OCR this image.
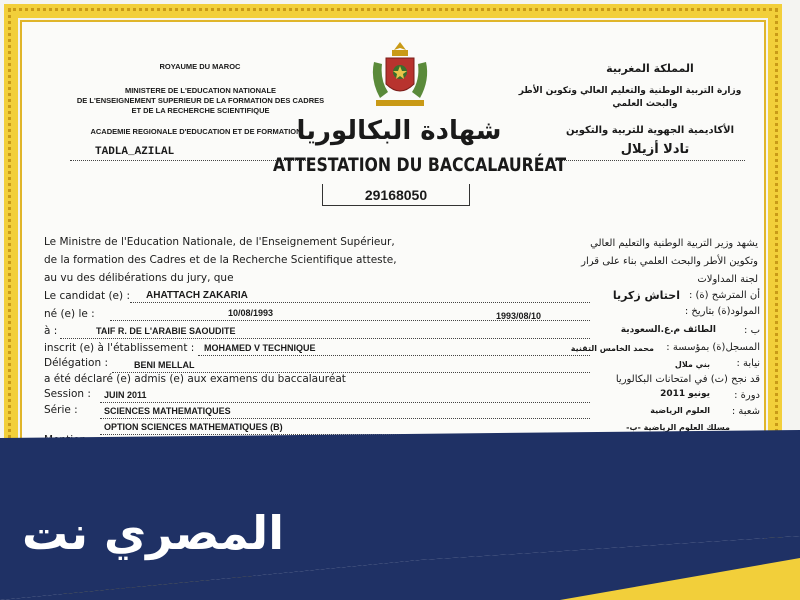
ROYAUME DU MAROC
MINISTERE DE L'EDUCATION NATIONALE
DE L'ENSEIGNEMENT SUPERIEUR DE LA FORMATION DES CADRES
ET DE LA RECHERCHE SCIENTIFIQUE
ACADEMIE REGIONALE D'EDUCATION ET DE FORMATION
TADLA_AZILAL
المملكة المغربية
وزارة التربية الوطنية والتعليم العالي وتكوين الأطر
والبحث العلمي
الأكاديمية الجهوية للتربية والتكوين
تادلا أزيلال
شهادة البكالوريا
ATTESTATION DU BACCALAURÉAT
29168050
Le Ministre de l'Education Nationale, de l'Enseignement Supérieur,
de la formation des Cadres et de la Recherche Scientifique atteste,
au vu des délibérations du jury, que
يشهد وزير التربية الوطنية والتعليم العالي
وتكوين الأطر والبحث العلمي بناء على قرار
لجنة المداولات
Le candidat (e) : AHATTACH ZAKARIA
né (e) le :	10/08/1993
à :	TAIF R. DE L'ARABIE SAOUDITE
inscrit (e) à l'établissement : MOHAMED V TECHNIQUE
Délégation :	BENI MELLAL
a été déclaré (e) admis (e) aux examens du baccalauréat
Session : JUIN 2011
Série :	SCIENCES MATHEMATIQUES
OPTION SCIENCES MATHEMATIQUES (B)
أن المترشح (ة) :
احتاش زكريا
المولود(ة) بتاريخ :
1993/08/10
ب :
الطائف م.ع.السعودية
المسجل(ة) بمؤسسة :
محمد الخامس التقنية
نيابة :
بني ملال
قد نجح (ت) في امتحانات البكالوريا
دورة :
يونيو 2011
شعبة :
العلوم الرياضية
مسلك العلوم الرياضية -ب-
المصري نت
